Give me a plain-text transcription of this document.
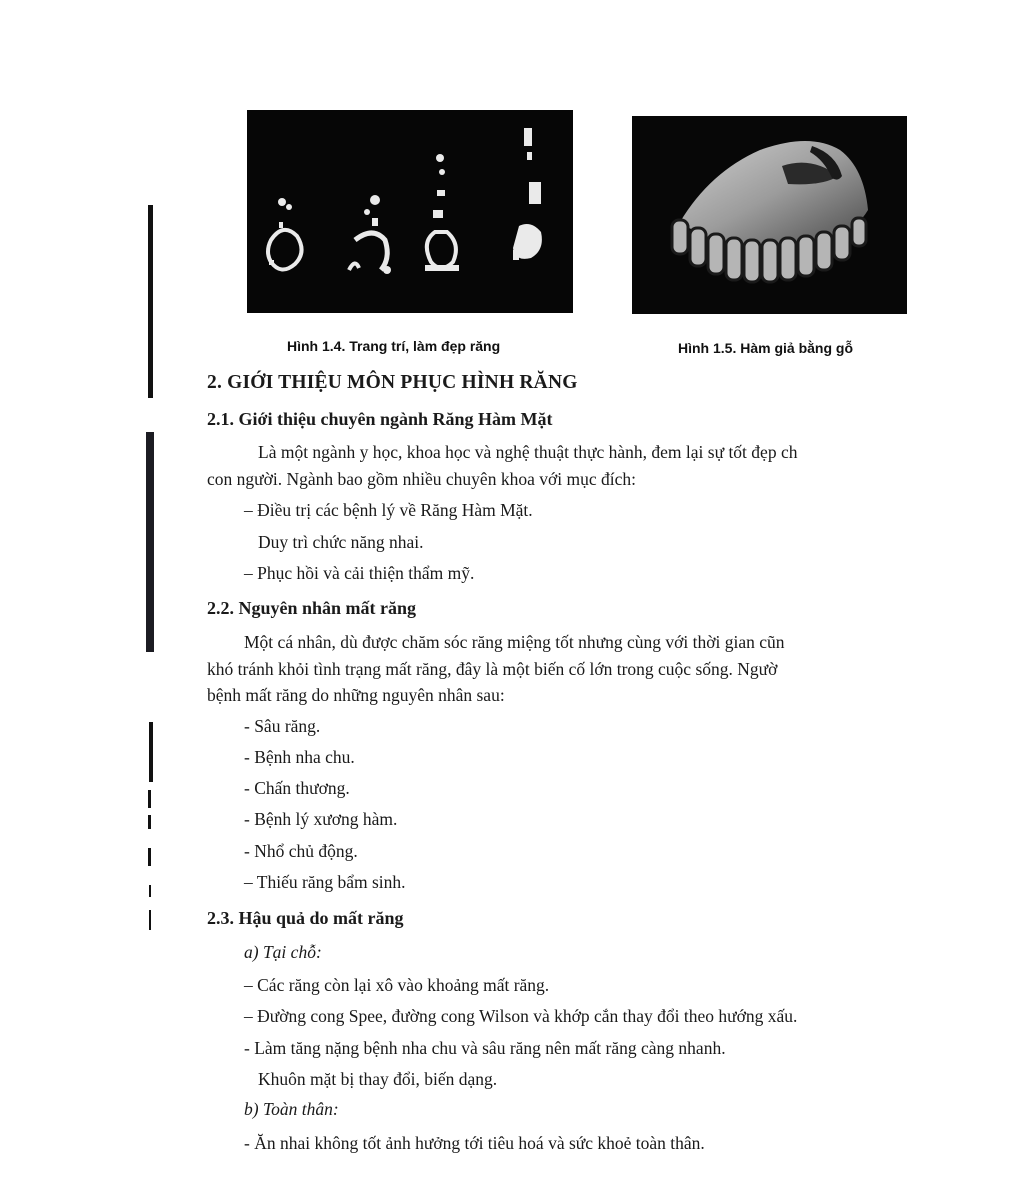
Hình 1.4. Trang trí, làm đẹp răng	Hình 1.5. Hàm giả bằng gỗ
2. GIỚI THIỆU MÔN PHỤC HÌNH RĂNG
2.1. Giới thiệu chuyên ngành Răng Hàm Mặt
Là một ngành y học, khoa học và nghệ thuật thực hành, đem lại sự tốt đẹp ch
con người. Ngành bao gồm nhiều chuyên khoa với mục đích:
– Điều trị các bệnh lý về Răng Hàm Mặt.
Duy trì chức năng nhai.
– Phục hồi và cải thiện thẩm mỹ.
2.2. Nguyên nhân mất răng
Một cá nhân, dù được chăm sóc răng miệng tốt nhưng cùng với thời gian cũn
khó tránh khỏi tình trạng mất răng, đây là một biến cố lớn trong cuộc sống. Ngườ
bệnh mất răng do những nguyên nhân sau:
- Sâu răng.
- Bệnh nha chu.
- Chấn thương.
- Bệnh lý xương hàm.
- Nhổ chủ động.
– Thiếu răng bẩm sinh.
2.3. Hậu quả do mất răng
a) Tại chỗ:
– Các răng còn lại xô vào khoảng mất răng.
– Đường cong Spee, đường cong Wilson và khớp cắn thay đổi theo hướng xấu.
- Làm tăng nặng bệnh nha chu và sâu răng nên mất răng càng nhanh.
Khuôn mặt bị thay đổi, biến dạng.
b) Toàn thân:
- Ăn nhai không tốt ảnh hưởng tới tiêu hoá và sức khoẻ toàn thân.
